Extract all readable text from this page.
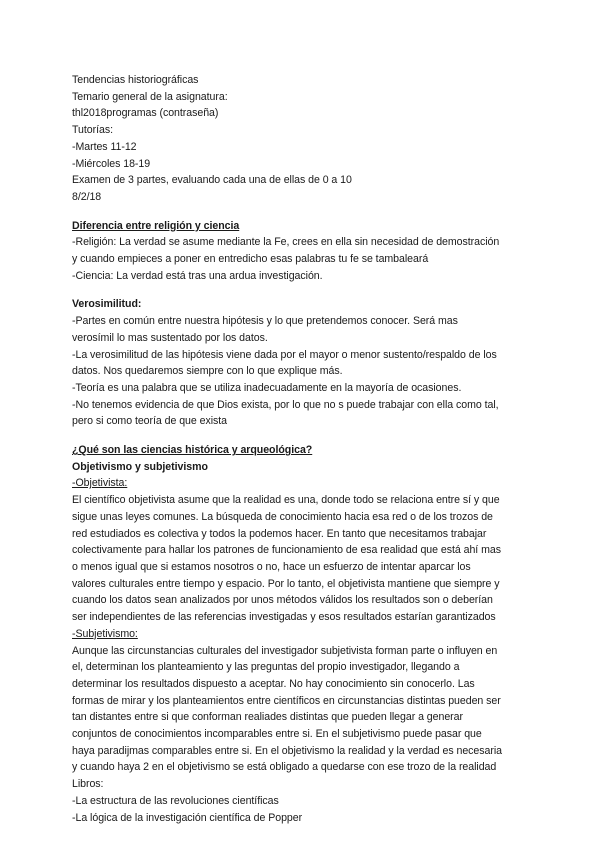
Tendencias historiográficas
Temario general de la asignatura:
thl2018programas (contraseña)
Tutorías:
-Martes 11-12
-Miércoles 18-19
Examen de 3 partes, evaluando cada una de ellas de 0 a 10
8/2/18
Diferencia entre religión y ciencia
-Religión: La verdad se asume mediante la Fe, crees en ella sin necesidad de demostración
y cuando empieces a poner en entredicho esas palabras tu fe se tambaleará
-Ciencia: La verdad está tras una ardua investigación.
Verosimilitud:
-Partes en común entre nuestra hipótesis y lo que pretendemos conocer. Será mas
verosímil lo mas sustentado por los datos.
-La verosimilitud de las hipótesis viene dada por el mayor o menor sustento/respaldo de los
datos. Nos quedaremos siempre con lo que explique más.
-Teoría es una palabra que se utiliza inadecuadamente en la mayoría de ocasiones.
-No tenemos evidencia de que Dios exista, por lo que no s puede trabajar con ella como tal,
pero si como teoría de que exista
¿Qué son las ciencias histórica y arqueológica?
Objetivismo y subjetivismo
-Objetivista:
El científico objetivista asume que la realidad es una, donde todo se relaciona entre sí y que
sigue unas leyes comunes. La búsqueda de conocimiento hacia esa red o de los trozos de
red estudiados es colectiva y todos la podemos hacer. En tanto que necesitamos trabajar
colectivamente para hallar los patrones de funcionamiento de esa realidad que está ahí mas
o menos igual que si estamos nosotros o no, hace un esfuerzo de intentar aparcar los
valores culturales entre tiempo y espacio. Por lo tanto, el objetivista mantiene que siempre y
cuando los datos sean analizados por unos métodos válidos los resultados son o deberían
ser independientes de las referencias investigadas y esos resultados estarían garantizados
-Subjetivismo:
Aunque las circunstancias culturales del investigador subjetivista forman parte o influyen en
el, determinan los planteamiento y las preguntas del propio investigador, llegando a
determinar los resultados dispuesto a aceptar. No hay conocimiento sin conocerlo. Las
formas de mirar y los planteamientos entre científicos en circunstancias distintas pueden ser
tan distantes entre si que conforman realiades distintas que pueden llegar a generar
conjuntos de conocimientos incomparables entre si. En el subjetivismo puede pasar que
haya paradijmas comparables entre si. En el objetivismo la realidad y la verdad es necesaria
y cuando haya 2 en el objetivismo se está obligado a quedarse con ese trozo de la realidad
Libros:
-La estructura de las revoluciones científicas
-La lógica de la investigación científica de Popper
